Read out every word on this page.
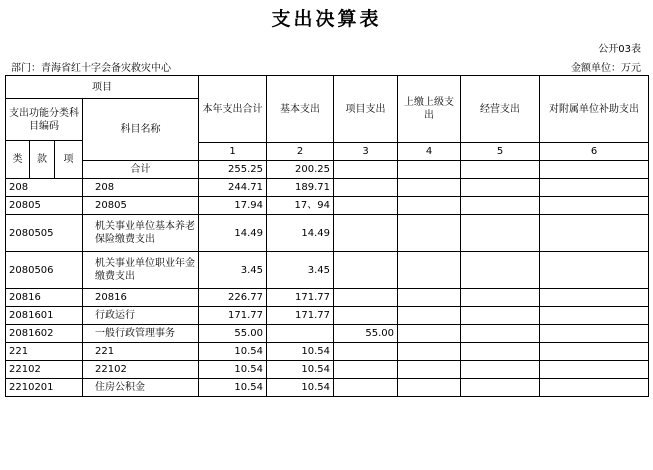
支出决算表
公开03表
部门：青海省红十字会备灾救灾中心	金额单位：万元
项目				本年支出合计	基本支出	项目支出	上缴上级支出	经营支出	对附属单位补助支出
支出功能分类科目编码			科目名称						
类	款	项							
				1	2	3	4	5	6
			合计	255.25	200.25				
208			208	244.71	189.71				
20805			20805	17.94	17、94				
2080505			机关事业单位基本养老保险缴费支出	14.49	14.49				
2080506			机关事业单位职业年金缴费支出	3.45	3.45				
20816			20816	226.77	171.77				
2081601			行政运行	171.77	171.77				
2081602			一般行政管理事务	55.00		55.00			
221			221	10.54	10.54				
22102			22102	10.54	10.54				
2210201			住房公积金	10.54	10.54				
